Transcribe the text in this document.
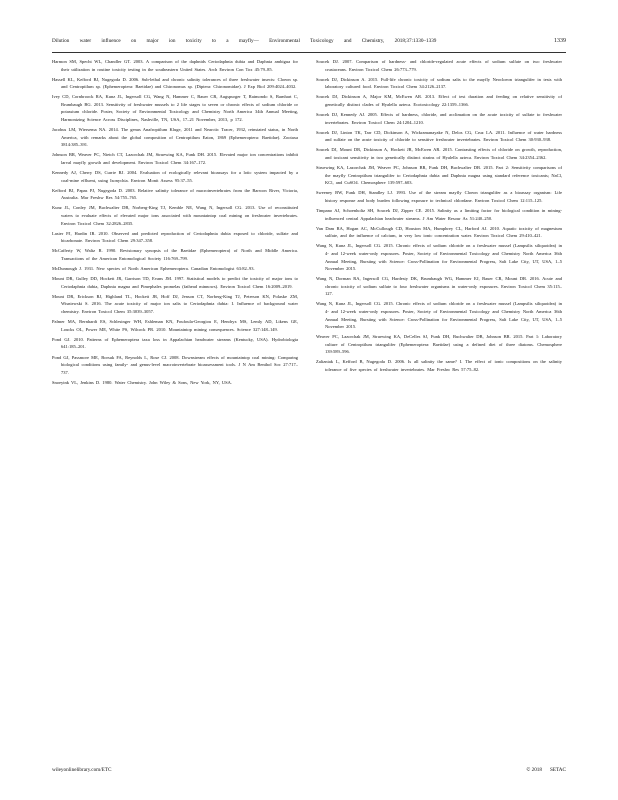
Dilution water influence on major ion toxicity to a mayfly— Environmental Toxicology and Chemistry, 2018;37:1330–1339	1339

Harmon SM, Specht WL, Chandler GT. 2003. A comparison of the daphnids Ceriodaphnia dubia and Daphnia ambigua for their utilization in routine toxicity testing in the southeastern United States. Arch Environ Con Tox 45:79–85.

Hassell KL, Kefford BJ, Nugegoda D. 2006. Sub-lethal and chronic salinity tolerances of three freshwater insects: Cloeon sp. and Centroptilum sp. (Ephemeroptera: Baetidae) and Chironomus sp. (Diptera: Chironomidae). J Exp Biol 209:4024–4032.

Ivey CD, Cornbroock RA, Kunz JL, Ingersoll CG, Wang N, Hammer C, Bauer CR, Augspurger T, Raimondo S, Barnhart C, Brumbaugh BG. 2013. Sensitivity of freshwater mussels to 2 life stages to seven or chronic effects of sodium chloride or potassium chloride. Poster, Society of Environmental Toxicology and Chemistry North America 34th Annual Meeting, Harmonizing Science Across Disciplines, Nashville, TN, USA, 17–21 November, 2013, p 172.

Jacobus LM, Wiersema NA. 2014. The genus Anafroptilum Kluge, 2011 and Nearctic Tracer, 1932, reinstated status, in North America, with remarks about the global composition of Centroptilum Eaton, 1869 (Ephemeroptera: Baetidae). Zootaxa 3814:385–391.

Johnson BR, Weaver PC, Nietch CT, Lazorchak JM, Struewing KA, Funk DH. 2015. Elevated major ion concentrations inhibit larval mayfly growth and development. Environ Toxicol Chem 34:167–172.

Kennedy AJ, Cherry DS, Currie RJ. 2004. Evaluation of ecologically relevant bioassays for a lotic system impacted by a coal-mine effluent, using Isonychia. Environ Monit Assess 95:37–55.

Kefford BJ, Papas PJ, Nugegoda D. 2003. Relative salinity tolerance of macroinvertebrates from the Barwon River, Victoria, Australia. Mar Freshw Res 54:755–765.

Kunz JL, Conley JM, Buchwalter DB, Norberg-King TJ, Kemble NE, Wang N, Ingersoll CG. 2013. Use of reconstituted waters to evaluate effects of elevated major ions associated with mountaintop coal mining on freshwater invertebrates. Environ Toxicol Chem 32:2826–2835.

Lasier PJ, Hardin IR. 2010. Observed and predicted reproduction of Ceriodaphnia dubia exposed to chloride, sulfate and bicarbonate. Environ Toxicol Chem 29:347–358.

McCafferty W, Waltz R. 1990. Revisionary synopsis of the Baetidae (Ephemeroptera) of North and Middle America. Transactions of the American Entomological Society 116:769–799.

McDunnough J. 1931. New species of North American Ephemeroptera. Canadian Entomologist 63:82–93.

Mount DR, Gulley DD, Hockett JR, Garrison TD, Evans JM. 1997. Statistical models to predict the toxicity of major ions to Ceriodaphnia dubia, Daphnia magna and Pimephales promelas (fathead minnows). Environ Toxicol Chem 16:2009–2019.

Mount DR, Erickson RJ, Highland TL, Hockett JR, Hoff DJ, Jenson CT, Norberg-King TJ, Peterson KN, Polaske ZM, Wisniewski S. 2016. The acute toxicity of major ion salts to Ceriodaphnia dubia: I. Influence of background water chemistry. Environ Toxicol Chem 35:3039–3057.

Palmer MA, Bernhardt ES, Schlesinger WH, Eshleman KN, Foufoula-Georgiou E, Hendryx MS, Lemly AD, Likens GE, Loucks OL, Power ME, White PS, Wilcock PR. 2010. Mountaintop mining consequences. Science 327:148–149.

Pond GJ. 2010. Patterns of Ephemeroptera taxa loss in Appalachian headwater streams (Kentucky, USA). Hydrobiologia 641:185–201.

Pond GJ, Passmore ME, Borsuk FA, Reynolds L, Rose CJ. 2008. Downstream effects of mountaintop coal mining: Comparing biological conditions using family- and genus-level macroinvertebrate bioassessment tools. J N Am Benthol Soc 27:717–737.

Snoeyink VL, Jenkins D. 1980. Water Chemistry. John Wiley & Sons, New York, NY, USA.

Soucek DJ. 2007. Comparison of hardness- and chloride-regulated acute effects of sodium sulfate on two freshwater crustaceans. Environ Toxicol Chem 26:773–779.

Soucek DJ, Dickinson A. 2015. Full-life chronic toxicity of sodium salts to the mayfly Neocloeon triangulifer in tests with laboratory cultured food. Environ Toxicol Chem 34:2126–2137.

Soucek DJ, Dickinson A, Major KM, McEwen AR. 2013. Effect of test duration and feeding on relative sensitivity of genetically distinct clades of Hyalella azteca. Ecotoxicology 22:1359–1366.

Soucek DJ, Kennedy AJ. 2005. Effects of hardness, chloride, and acclimation on the acute toxicity of sulfate to freshwater invertebrates. Environ Toxicol Chem 24:1204–1210.

Soucek DJ, Linton TK, Tarr CD, Dickinson A, Wickramanayake N, Delos CG, Cruz LA. 2011. Influence of water hardness and sulfate on the acute toxicity of chloride to sensitive freshwater invertebrates. Environ Toxicol Chem 30:930–938.

Soucek DJ, Mount DR, Dickinson A, Hockett JR, McEwen AR. 2015. Contrasting effects of chloride on growth, reproduction, and toxicant sensitivity in two genetically distinct strains of Hyalella azteca. Environ Toxicol Chem 34:2354–2362.

Struewing KA, Lazorchak JM, Weaver PC, Johnson BR, Funk DH, Buchwalter DB. 2015. Part 2: Sensitivity comparisons of the mayfly Centroptilum triangulifer to Ceriodaphnia dubia and Daphnia magna using standard reference toxicants; NaCl, KCl, and CuSO4. Chemosphere 139:597–603.

Sweeney BW, Funk DH, Standley LJ. 1993. Use of the stream mayfly Cloeon triangulifer as a bioassay organism: Life history response and body burden following exposure to technical chlordane. Environ Toxicol Chem 12:115–125.

Timpano AJ, Schoenholtz SH, Soucek DJ, Zipper CE. 2015. Salinity as a limiting factor for biological condition in mining-influenced central Appalachian headwater streams. J Am Water Resour As 51:240–250.

Van Dam RA, Hogan AC, McCullough CD, Houston MA, Humphrey CL, Harford AJ. 2010. Aquatic toxicity of magnesium sulfate, and the influence of calcium, in very low ionic concentration water. Environ Toxicol Chem 29:410–421.

Wang N, Kunz JL, Ingersoll CG. 2015. Chronic effects of sodium chloride on a freshwater mussel (Lampsilis siliquoidea) in 4- and 12-week water-only exposures. Poster, Society of Environmental Toxicology and Chemistry North America 36th Annual Meeting, Bursting with Science: Cross-Pollination for Environmental Progress, Salt Lake City, UT, USA, 1–5 November 2015.

Wang N, Dorman RA, Ingersoll CG, Hardesty DK, Brumbaugh WG, Hammer EJ, Bauer CR, Mount DR. 2016. Acute and chronic toxicity of sodium sulfate to four freshwater organisms in water-only exposures. Environ Toxicol Chem 35:115–127.

Wang N, Kunz JL, Ingersoll CG. 2015. Chronic effects of sodium chloride on a freshwater mussel (Lampsilis siliquoidea) in 4- and 12-week water-only exposures. Poster, Society of Environmental Toxicology and Chemistry North America 36th Annual Meeting, Bursting with Science: Cross-Pollination for Environmental Progress, Salt Lake City, UT, USA, 1–5 November 2015.

Weaver PC, Lazorchak JM, Struewing KA, DeCelles SJ, Funk DH, Buchwalter DB, Johnson BR. 2015. Part 1: Laboratory culture of Centroptilum triangulifer (Ephemeroptera: Baetidae) using a defined diet of three diatoms. Chemosphere 139:589–596.

Zalizniak L, Kefford B, Nugegoda D. 2006. Is all salinity the same? I. The effect of ionic compositions on the salinity tolerance of five species of freshwater invertebrates. Mar Freshw Res 57:75–82.

wileyonlinelibrary.com/ETC	© 2018 SETAC
